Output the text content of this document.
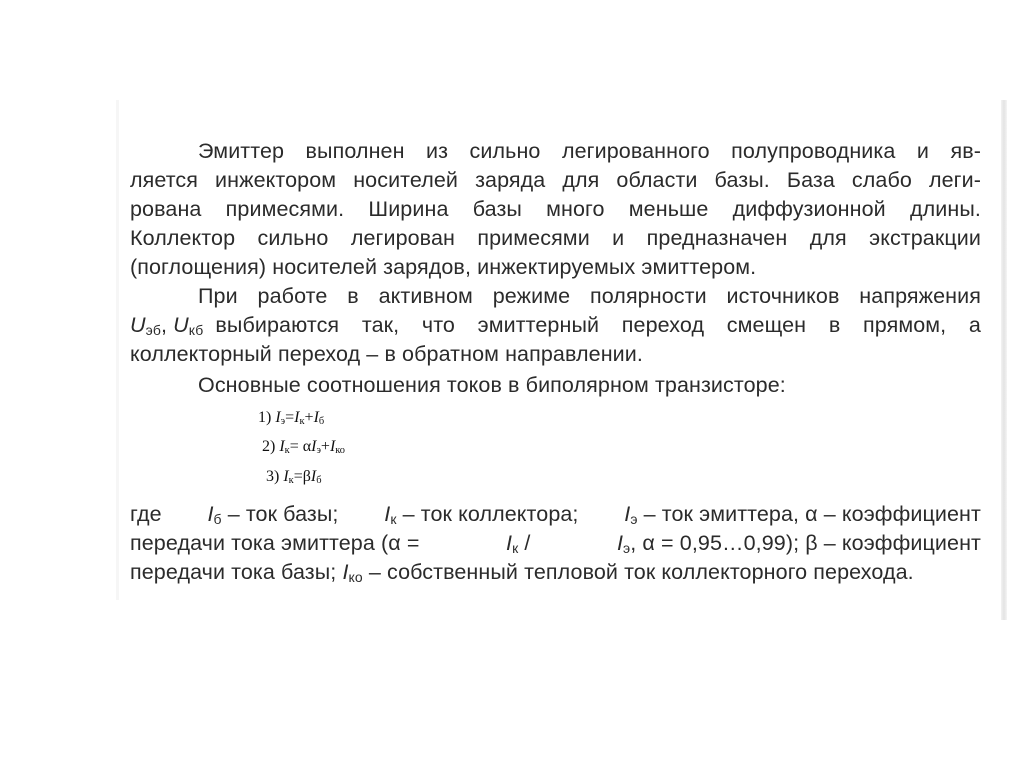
Эмиттер выполнен из сильно легированного полупроводника и яв-
ляется инжектором носителей заряда для области базы. База слабо леги-
рована примесями. Ширина базы много меньше диффузионной длины.
Коллектор сильно легирован примесями и предназначен для экстракции
(поглощения) носителей зарядов, инжектируемых эмиттером.
При работе в активном режиме полярности источников напряжения
$U_{эб}$, $U_{кб}$ выбираются так, что эмиттерный переход смещен в прямом, а
коллекторный переход – в обратном направлении.
Основные соотношения токов в биполярном транзисторе:
1) $I_э=I_к+I_б$
2) $I_к= \alpha I_э+I_{ко}$
3) $I_к=\beta I_б$
где $I_б$ – ток базы; $I_к$ – ток коллектора; $I_э$ – ток эмиттера, α – коэффициент
передачи тока эмиттера (α =	$I_к$ /	$I_э$, α = 0,95…0,99); β – коэффициент
передачи тока базы; $I_{ко}$ – собственный тепловой ток коллекторного перехода.
